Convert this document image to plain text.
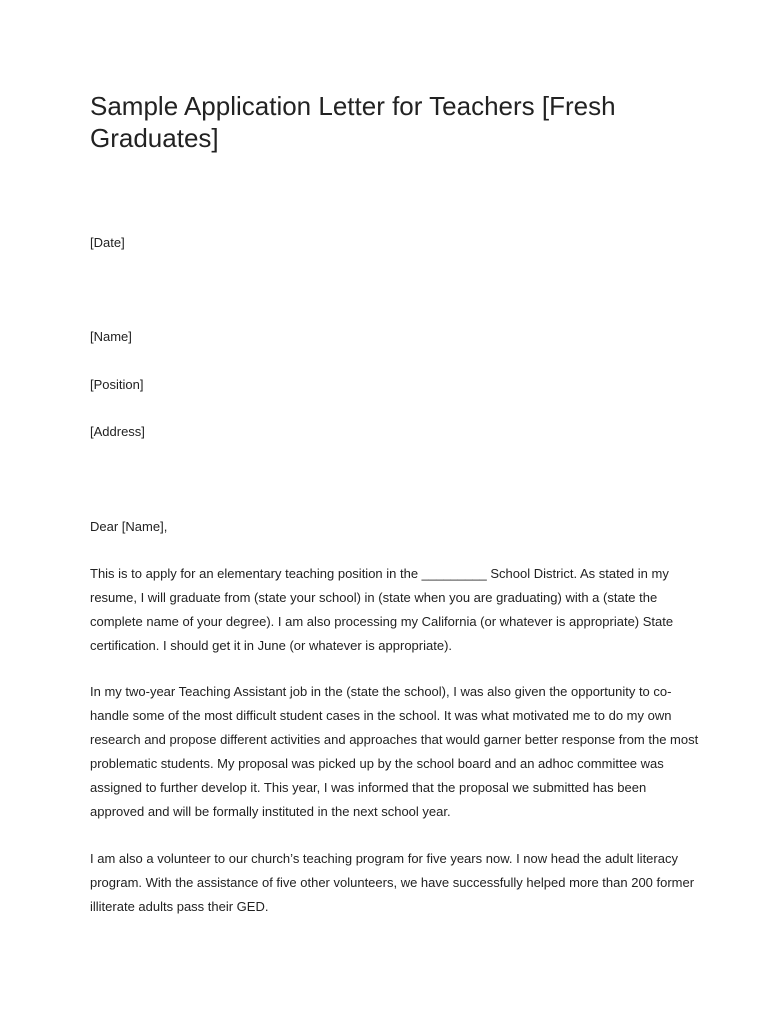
Sample Application Letter for Teachers [Fresh
Graduates]

[Date]

[Name]

[Position]

[Address]

Dear [Name],

This is to apply for an elementary teaching position in the _________ School District. As stated in my
resume, I will graduate from (state your school) in (state when you are graduating) with a (state the
complete name of your degree). I am also processing my California (or whatever is appropriate) State
certification. I should get it in June (or whatever is appropriate).
In my two-year Teaching Assistant job in the (state the school), I was also given the opportunity to co-
handle some of the most difficult student cases in the school. It was what motivated me to do my own
research and propose different activities and approaches that would garner better response from the most
problematic students. My proposal was picked up by the school board and an adhoc committee was
assigned to further develop it. This year, I was informed that the proposal we submitted has been
approved and will be formally instituted in the next school year.
I am also a volunteer to our church’s teaching program for five years now. I now head the adult literacy
program. With the assistance of five other volunteers, we have successfully helped more than 200 former
illiterate adults pass their GED.
